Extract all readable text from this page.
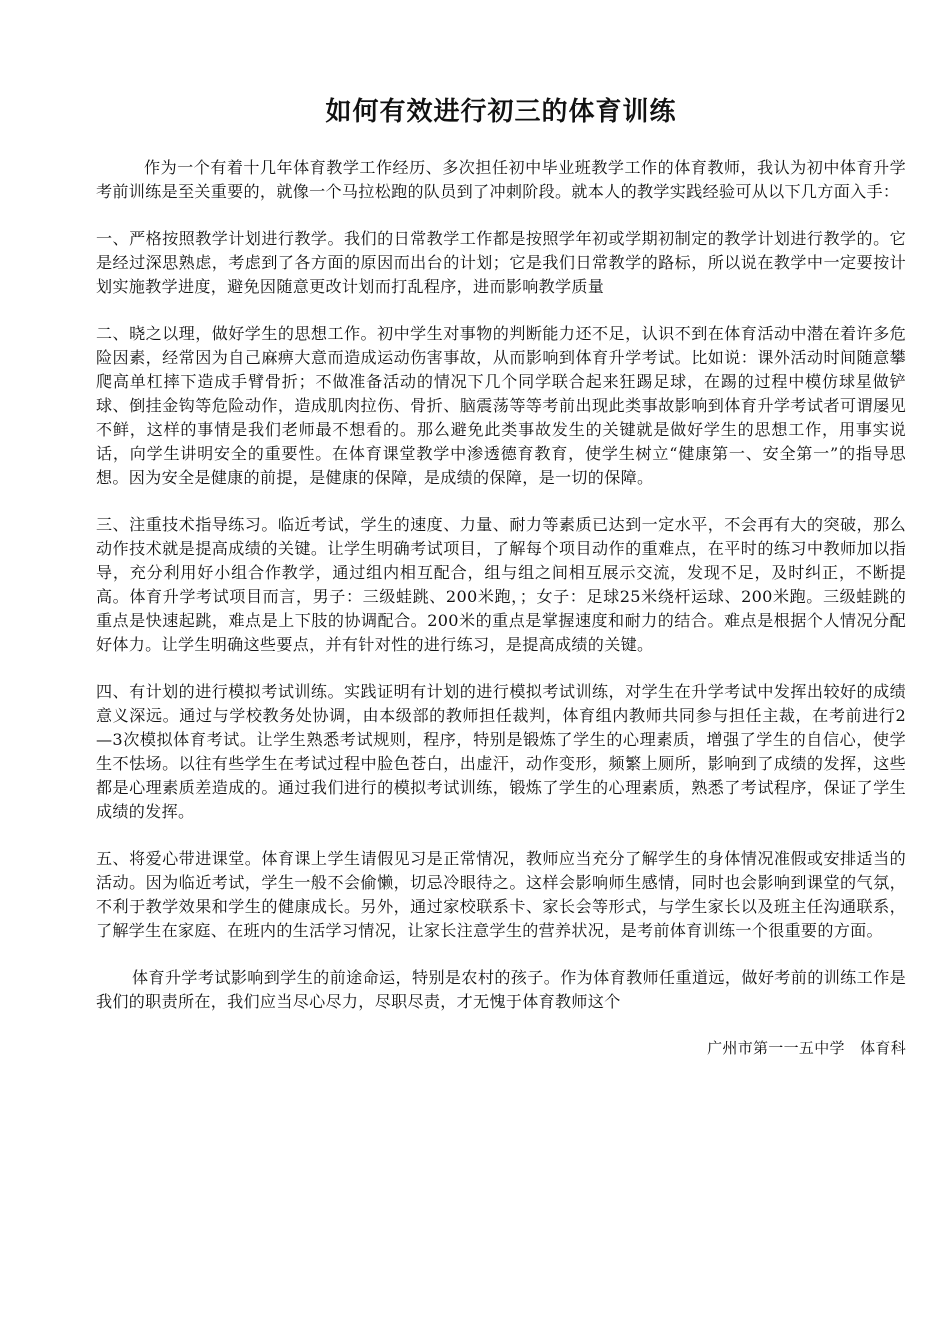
如何有效进行初三的体育训练

作为一个有着十几年体育教学工作经历、多次担任初中毕业班教学工作的体育教师，我认为初中体育升学考前训练是至关重要的，就像一个马拉松跑的队员到了冲刺阶段。就本人的教学实践经验可从以下几方面入手：

一、严格按照教学计划进行教学。我们的日常教学工作都是按照学年初或学期初制定的教学计划进行教学的。它是经过深思熟虑，考虑到了各方面的原因而出台的计划；它是我们日常教学的路标，所以说在教学中一定要按计划实施教学进度，避免因随意更改计划而打乱程序，进而影响教学质量

二、晓之以理，做好学生的思想工作。初中学生对事物的判断能力还不足，认识不到在体育活动中潜在着许多危险因素，经常因为自己麻痹大意而造成运动伤害事故，从而影响到体育升学考试。比如说：课外活动时间随意攀爬高单杠摔下造成手臂骨折；不做准备活动的情况下几个同学联合起来狂踢足球，在踢的过程中模仿球星做铲球、倒挂金钩等危险动作，造成肌肉拉伤、骨折、脑震荡等等考前出现此类事故影响到体育升学考试者可谓屡见不鲜，这样的事情是我们老师最不想看的。那么避免此类事故发生的关键就是做好学生的思想工作，用事实说话，向学生讲明安全的重要性。在体育课堂教学中渗透德育教育，使学生树立“健康第一、安全第一”的指导思想。因为安全是健康的前提，是健康的保障，是成绩的保障，是一切的保障。

三、注重技术指导练习。临近考试，学生的速度、力量、耐力等素质已达到一定水平，不会再有大的突破，那么动作技术就是提高成绩的关键。让学生明确考试项目，了解每个项目动作的重难点，在平时的练习中教师加以指导，充分利用好小组合作教学，通过组内相互配合，组与组之间相互展示交流，发现不足，及时纠正，不断提高。体育升学考试项目而言，男子：三级蛙跳、200米跑，；女子：足球25米绕杆运球、200米跑。三级蛙跳的重点是快速起跳，难点是上下肢的协调配合。200米的重点是掌握速度和耐力的结合。难点是根据个人情况分配好体力。让学生明确这些要点，并有针对性的进行练习，是提高成绩的关键。

四、有计划的进行模拟考试训练。实践证明有计划的进行模拟考试训练，对学生在升学考试中发挥出较好的成绩意义深远。通过与学校教务处协调，由本级部的教师担任裁判，体育组内教师共同参与担任主裁，在考前进行2—3次模拟体育考试。让学生熟悉考试规则，程序，特别是锻炼了学生的心理素质，增强了学生的自信心，使学生不怯场。以往有些学生在考试过程中脸色苍白，出虚汗，动作变形，频繁上厕所，影响到了成绩的发挥，这些都是心理素质差造成的。通过我们进行的模拟考试训练，锻炼了学生的心理素质，熟悉了考试程序，保证了学生成绩的发挥。

五、将爱心带进课堂。体育课上学生请假见习是正常情况，教师应当充分了解学生的身体情况准假或安排适当的活动。因为临近考试，学生一般不会偷懒，切忌冷眼待之。这样会影响师生感情，同时也会影响到课堂的气氛，不利于教学效果和学生的健康成长。另外，通过家校联系卡、家长会等形式，与学生家长以及班主任沟通联系，了解学生在家庭、在班内的生活学习情况，让家长注意学生的营养状况，是考前体育训练一个很重要的方面。

体育升学考试影响到学生的前途命运，特别是农村的孩子。作为体育教师任重道远，做好考前的训练工作是我们的职责所在，我们应当尽心尽力，尽职尽责，才无愧于体育教师这个

广州市第一一五中学　体育科
